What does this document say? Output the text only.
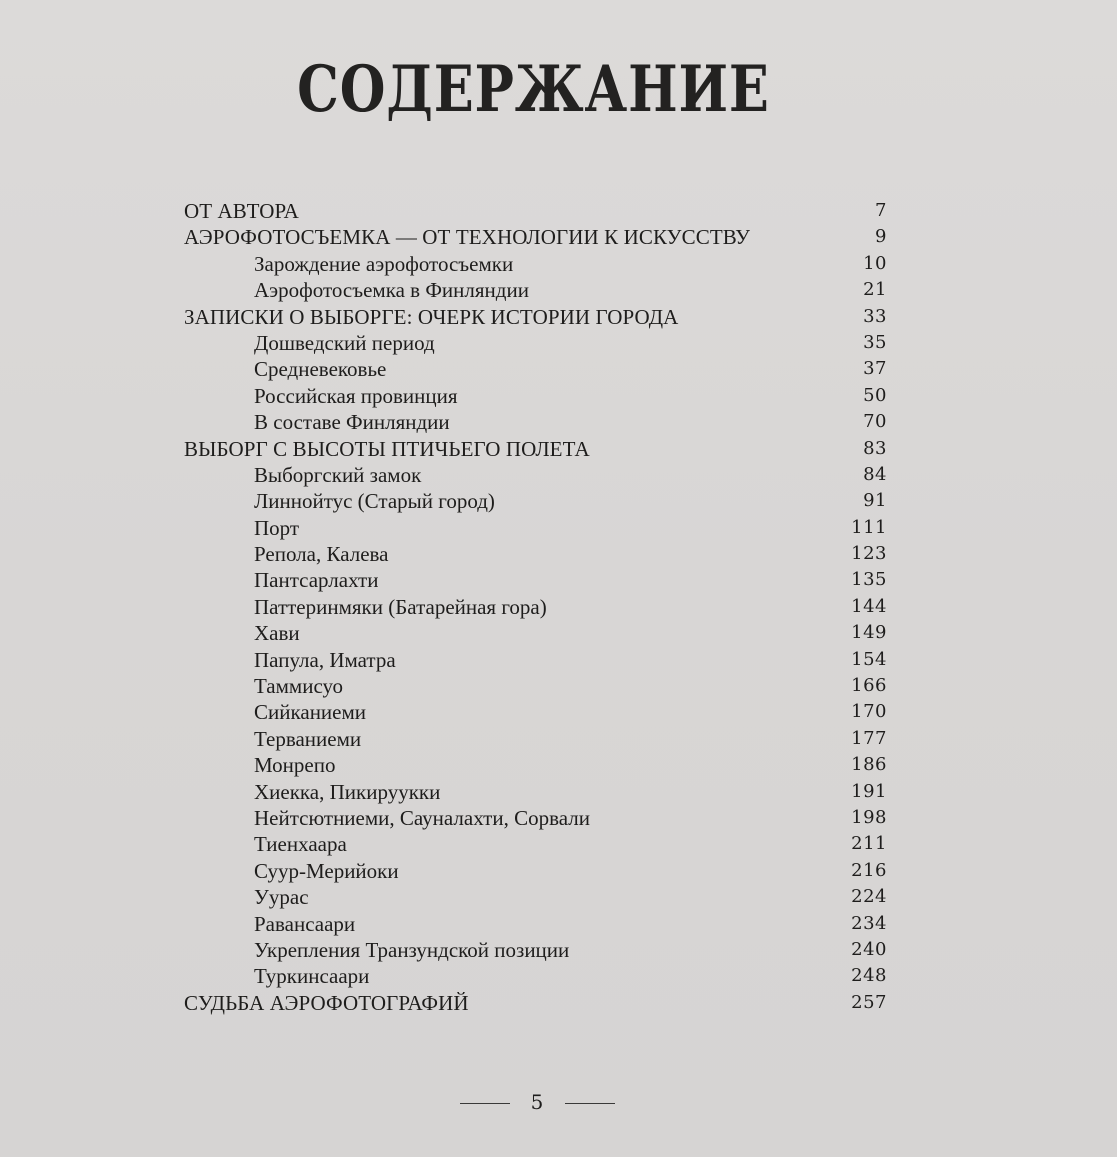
СОДЕРЖАНИЕ
ОТ АВТОРА	7
АЭРОФОТОСЪЕМКА — ОТ ТЕХНОЛОГИИ К ИСКУССТВУ	9
Зарождение аэрофотосъемки	10
Аэрофотосъемка в Финляндии	21
ЗАПИСКИ О ВЫБОРГЕ: ОЧЕРК ИСТОРИИ ГОРОДА	33
Дошведский период	35
Средневековье	37
Российская провинция	50
В составе Финляндии	70
ВЫБОРГ С ВЫСОТЫ ПТИЧЬЕГО ПОЛЕТА	83
Выборгский замок	84
Линнойтус (Старый город)	91
Порт	111
Репола, Калева	123
Пантсарлахти	135
Паттеринмяки (Батарейная гора)	144
Хави	149
Папула, Иматра	154
Таммисуо	166
Сийканиеми	170
Терваниеми	177
Монрепо	186
Хиекка, Пикируукки	191
Нейтсютниеми, Сауналахти, Сорвали	198
Тиенхаара	211
Суур-Мерийоки	216
Уурас	224
Равансаари	234
Укрепления Транзундской позиции	240
Туркинсаари	248
СУДЬБА АЭРОФОТОГРАФИЙ	257
5
